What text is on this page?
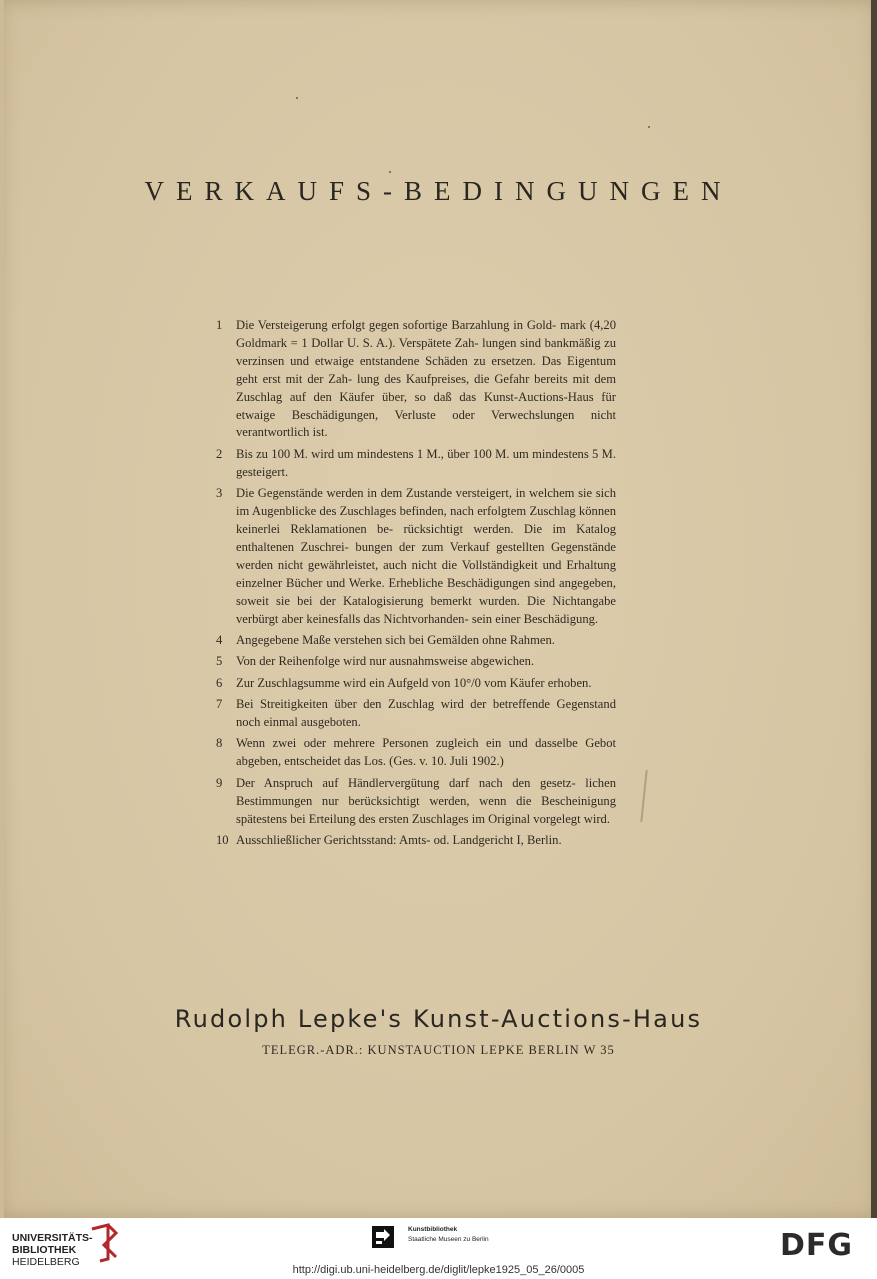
VERKAUFS-BEDINGUNGEN
1	Die Versteigerung erfolgt gegen sofortige Barzahlung in Gold- mark (4,20 Goldmark = 1 Dollar U. S. A.). Verspätete Zah- lungen sind bankmäßig zu verzinsen und etwaige entstandene Schäden zu ersetzen. Das Eigentum geht erst mit der Zah- lung des Kaufpreises, die Gefahr bereits mit dem Zuschlag auf den Käufer über, so daß das Kunst-Auctions-Haus für etwaige Beschädigungen, Verluste oder Verwechslungen nicht verantwortlich ist.
2	Bis zu 100 M. wird um mindestens 1 M., über 100 M. um mindestens 5 M. gesteigert.
3	Die Gegenstände werden in dem Zustande versteigert, in welchem sie sich im Augenblicke des Zuschlages befinden, nach erfolgtem Zuschlag können keinerlei Reklamationen be- rücksichtigt werden. Die im Katalog enthaltenen Zuschrei- bungen der zum Verkauf gestellten Gegenstände werden nicht gewährleistet, auch nicht die Vollständigkeit und Erhaltung einzelner Bücher und Werke. Erhebliche Beschädigungen sind angegeben, soweit sie bei der Katalogisierung bemerkt wurden. Die Nichtangabe verbürgt aber keinesfalls das Nichtvorhanden- sein einer Beschädigung.
4	Angegebene Maße verstehen sich bei Gemälden ohne Rahmen.
5	Von der Reihenfolge wird nur ausnahmsweise abgewichen.
6	Zur Zuschlagsumme wird ein Aufgeld von 10°/0 vom Käufer erhoben.
7	Bei Streitigkeiten über den Zuschlag wird der betreffende Gegenstand noch einmal ausgeboten.
8	Wenn zwei oder mehrere Personen zugleich ein und dasselbe Gebot abgeben, entscheidet das Los. (Ges. v. 10. Juli 1902.)
9	Der Anspruch auf Händlervergütung darf nach den gesetz- lichen Bestimmungen nur berücksichtigt werden, wenn die Bescheinigung spätestens bei Erteilung des ersten Zuschlages im Original vorgelegt wird.
10 Ausschließlicher Gerichtsstand: Amts- od. Landgericht I, Berlin.
Rudolph Lepke's Kunst-Auctions-Haus
TELEGR.-ADR.: KUNSTAUCTION LEPKE BERLIN W 35
UNIVERSITÄTS-
BIBLIOTHEK
HEIDELBERG
Kunstbibliothek
Staatliche Museen zu Berlin	DFG
http://digi.ub.uni-heidelberg.de/diglit/lepke1925_05_26/0005
